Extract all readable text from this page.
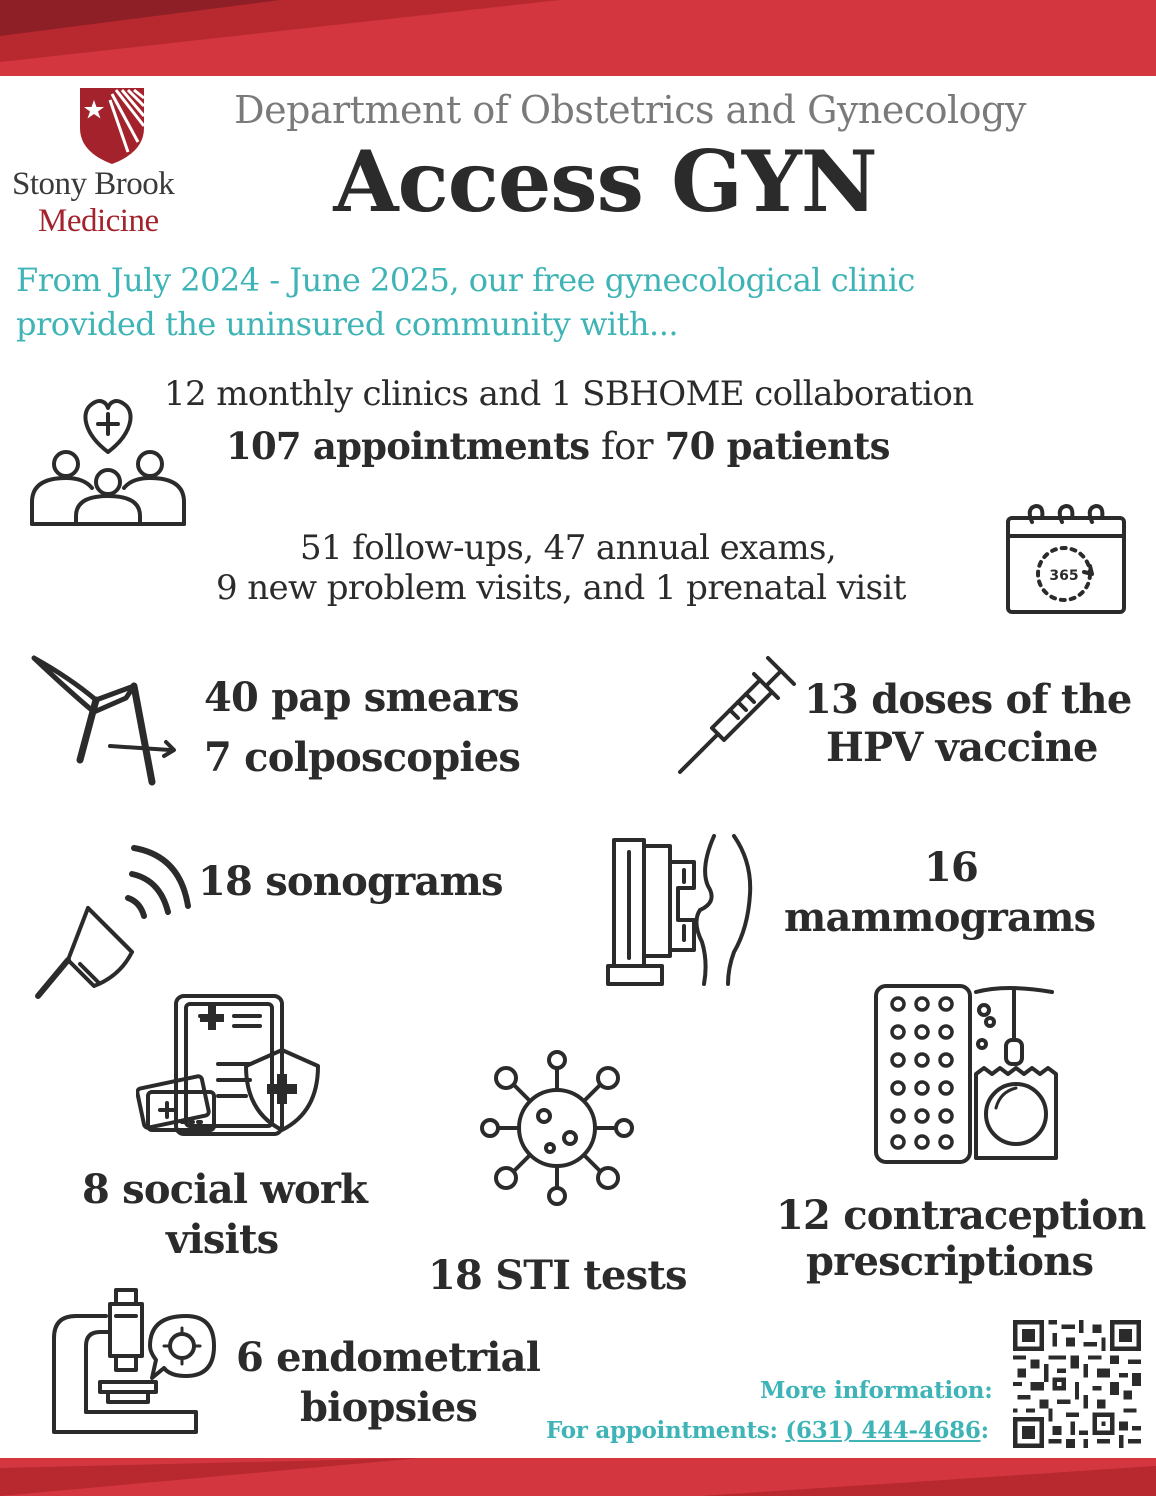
Stony Brook
Medicine
Department of Obstetrics and Gynecology
Access GYN
From July 2024 - June 2025, our free gynecological clinic
provided the uninsured community with...
12 monthly clinics and 1 SBHOME collaboration
107 appointments for 70 patients
51 follow-ups, 47 annual exams,
9 new problem visits, and 1 prenatal visit	365
40 pap smears
7 colposcopies
13 doses of the
HPV vaccine
18 sonograms	16
mammograms
8 social work
visits
18 STI tests
12 contraception
prescriptions
6 endometrial
biopsies	More information:
For appointments: (631) 444-4686:
